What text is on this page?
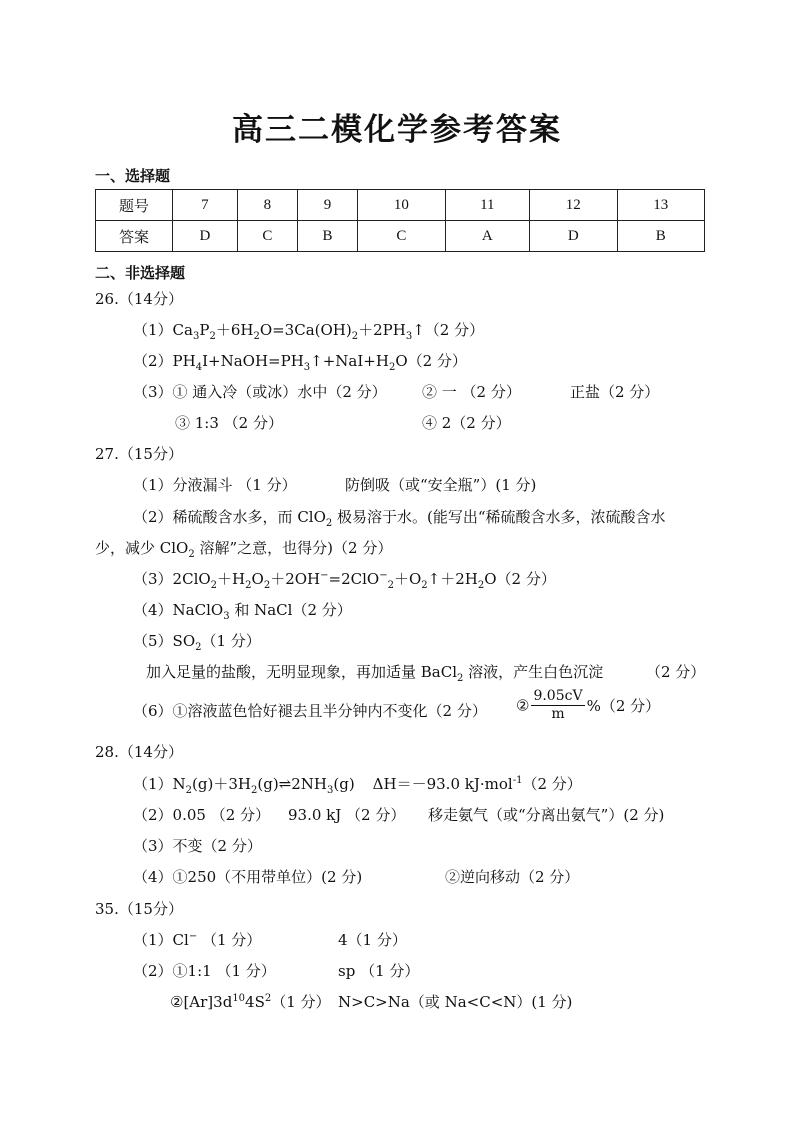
高三二模化学参考答案
一、选择题
题号	7	8	9	10	11	12	13
答案	D	C	B	C	A	D	B
二、非选择题
26.（14分）
$(1)Ca_3P_2+6H_2O=3Ca(OH)_2+2PH_3↑(2$ 分）
$(2)PH_4I+NaOH=PH_3↑+NaI+H_2O(2$ 分）
（3）① 通入冷（或冰）水中（2 分） ② 一 （2 分）	正盐（2 分）
③ 1:3 （2 分）	④ 2（2 分）
27.（15分）
（1）分液漏斗 （1 分）	防倒吸（或“安全瓶”）(1 分)
（2）稀硫酸含水多，而 ClO$_2$ 极易溶于水。(能写出“稀硫酸含水多，浓硫酸含水
少，减少 ClO$_2$ 溶解”之意，也得分)（2 分）
$(3)2ClO_2+H_2O_2+2OH^-=2ClO^-_2+O_2↑+2H_2O(2$ 分）
（4）NaClO$_3$ 和 NaCl（2 分）
$(5)SO_2(1$ 分）
加入足量的盐酸，无明显现象，再加适量 BaCl$_2$ 溶液，产生白色沉淀	（2 分）
（6）①溶液蓝色恰好褪去且半分钟内不变化（2 分） ② $\frac{9.05cV}{m} \%(2$ 分）
28.（14分）
$(1)N_2(g)+3H_2(g)\rightleftharpoons 2NH_3(g)$ ΔH＝－93.0 kJ·mol$^{-1}$（2 分）
（2）0.05 （2 分） 93.0 kJ （2 分） 移走氨气（或“分离出氨气”）(2 分)
（3）不变（2 分）
（4）①250（不用带单位）(2 分)	②逆向移动（2 分）
35.（15分）
（1）Cl− （1 分）	4（1 分）
（2）①1:1 （1 分）	sp （1 分）
$②[Ar]3d^{10}4S^2(1$ 分） N>C>Na（或 Na<C<N）(1 分)
